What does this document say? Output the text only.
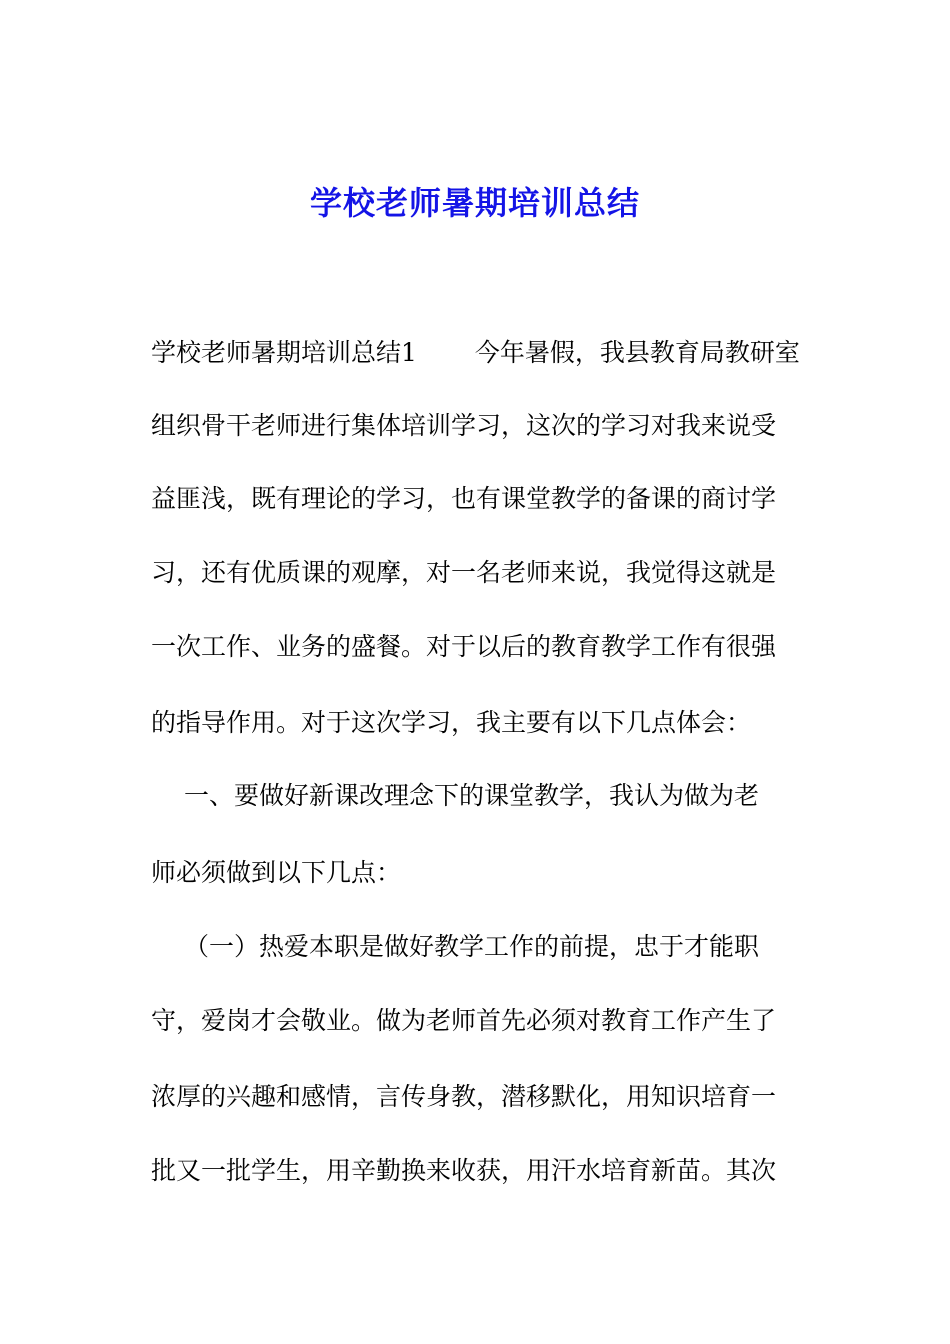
学校老师暑期培训总结
学校老师暑期培训总结1　　 今年暑假，我县教育局教研室
组织骨干老师进行集体培训学习，这次的学习对我来说受
益匪浅，既有理论的学习，也有课堂教学的备课的商讨学
习，还有优质课的观摩，对一名老师来说，我觉得这就是
一次工作、业务的盛餐。对于以后的教育教学工作有很强
的指导作用。对于这次学习，我主要有以下几点体会：
　 一、要做好新课改理念下的课堂教学，我认为做为老
师必须做到以下几点：
　 （一）热爱本职是做好教学工作的前提，忠于才能职
守，爱岗才会敬业。做为老师首先必须对教育工作产生了
浓厚的兴趣和感情，言传身教，潜移默化，用知识培育一
批又一批学生，用辛勤换来收获，用汗水培育新苗。其次
